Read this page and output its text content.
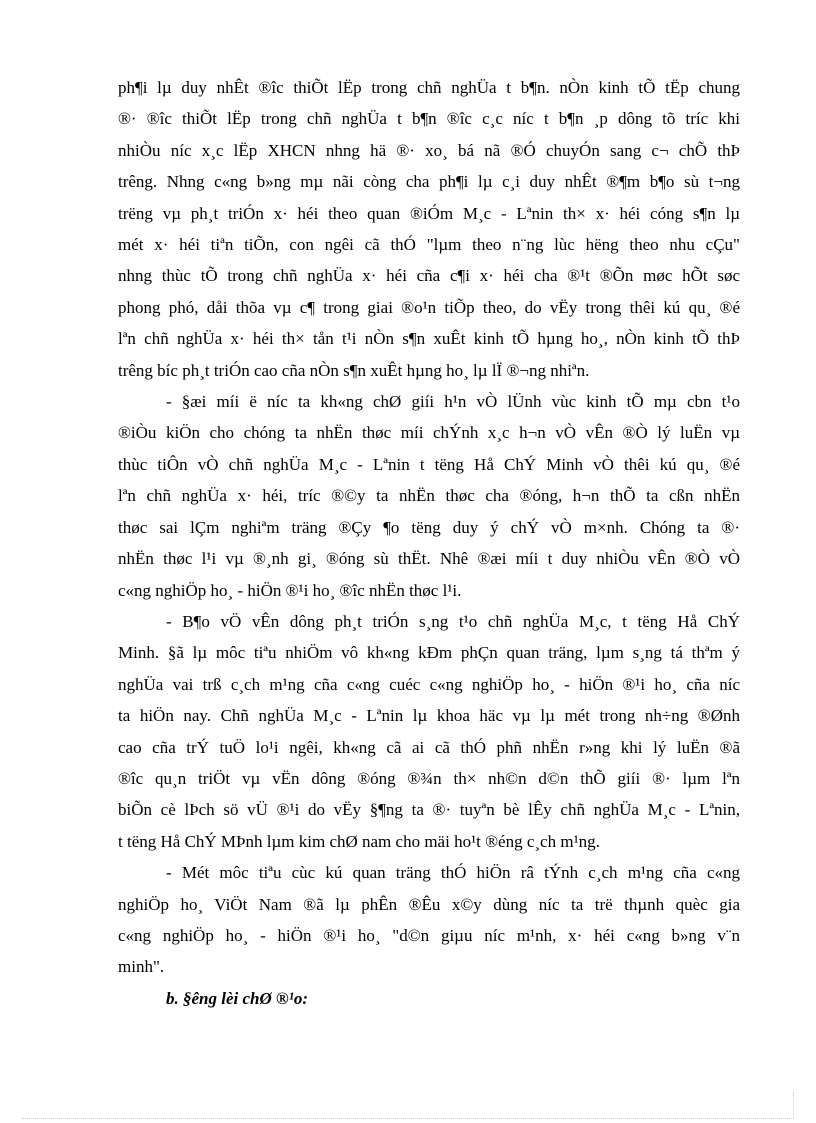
ph¶i lµ duy nhÊt ®îc thiÕt lËp trong chñ nghÜa t b¶n. nÒn kinh tÕ tËp chung
®· ®îc thiÕt lËp trong chñ nghÜa t b¶n ®îc c¸c níc t b¶n ¸p dông tõ tríc khi
nhiÒu níc x¸c lËp XHCN nhng hä ®· xo¸ bá nã ®Ó chuyÓn sang c¬ chÕ thÞ
trêng. Nhng c«ng b»ng mµ nãi còng cha ph¶i lµ c¸i duy nhÊt ®¶m b¶o sù t¬ng
trëng vµ ph¸t triÓn x· héi theo quan ®iÓm M¸c - Lªnin th× x· héi cóng s¶n lµ
mét x· héi tiªn tiÕn, con ngêi cã thÓ "lµm theo n¨ng lùc hëng theo nhu cÇu"
nhng thùc tÕ trong chñ nghÜa x· héi cña c¶i x· héi cha ®¹t ®Õn møc hÕt søc
phong phó, dåi thõa vµ c¶ trong giai ®o¹n tiÕp theo, do vËy trong thêi kú qu¸ ®é
lªn chñ nghÜa x· héi th× tån t¹i nÒn s¶n xuÊt kinh tÕ hµng ho¸, nÒn kinh tÕ thÞ
trêng bíc ph¸t triÓn cao cña nÒn s¶n xuÊt hµng ho¸ lµ lÏ ®¬ng nhiªn.

- §æi míi ë níc ta kh«ng chØ giíi h¹n vÒ lÜnh vùc kinh tÕ mµ cbn t¹o
®iÒu kiÖn cho chóng ta nhËn thøc míi chÝnh x¸c h¬n vÒ vÊn ®Ò lý luËn vµ
thùc tiÔn vÒ chñ nghÜa M¸c - Lªnin t tëng Hå ChÝ Minh vÒ thêi kú qu¸ ®é
lªn chñ nghÜa x· héi, tríc ®©y ta nhËn thøc cha ®óng, h¬n thÕ ta cßn nhËn
thøc sai lÇm nghiªm träng ®Çy ¶o tëng duy ý chÝ vÒ m×nh. Chóng ta ®·
nhËn thøc l¹i vµ ®¸nh gi¸ ®óng sù thËt. Nhê ®æi míi t duy nhiÒu vÊn ®Ò vÒ
c«ng nghiÖp ho¸ - hiÖn ®¹i ho¸ ®îc nhËn thøc l¹i.

- B¶o vÖ vÊn dông ph¸t triÓn s¸ng t¹o chñ nghÜa M¸c, t tëng Hå ChÝ
Minh. §ã lµ môc tiªu nhiÖm vô kh«ng kÐm phÇn quan träng, lµm s¸ng tá thªm ý
nghÜa vai trß c¸ch m¹ng cña c«ng cuéc c«ng nghiÖp ho¸ - hiÖn ®¹i ho¸ cña níc
ta hiÖn nay. Chñ nghÜa M¸c - Lªnin lµ khoa häc vµ lµ mét trong nh÷ng ®Ønh
cao cña trÝ tuÖ lo¹i ngêi, kh«ng cã ai cã thÓ phñ nhËn r»ng khi lý luËn ®ã
®îc qu¸n triÖt vµ vËn dông ®óng ®¾n th× nh©n d©n thÕ giíi ®· lµm lªn
biÕn cè lÞch sö vÜ ®¹i do vËy §¶ng ta ®· tuyªn bè lÊy chñ nghÜa M¸c - Lªnin,
t tëng Hå ChÝ MÞnh lµm kim chØ nam cho mäi ho¹t ®éng c¸ch m¹ng.

- Mét môc tiªu cùc kú quan träng thÓ hiÖn râ tÝnh c¸ch m¹ng cña c«ng
nghiÖp ho¸ ViÖt Nam ®ã lµ phÊn ®Êu x©y dùng níc ta trë thµnh quèc gia
c«ng nghiÖp ho¸ - hiÖn ®¹i ho¸ "d©n giµu níc m¹nh, x· héi c«ng b»ng v¨n
minh".

b. §êng lèi chØ ®¹o:
